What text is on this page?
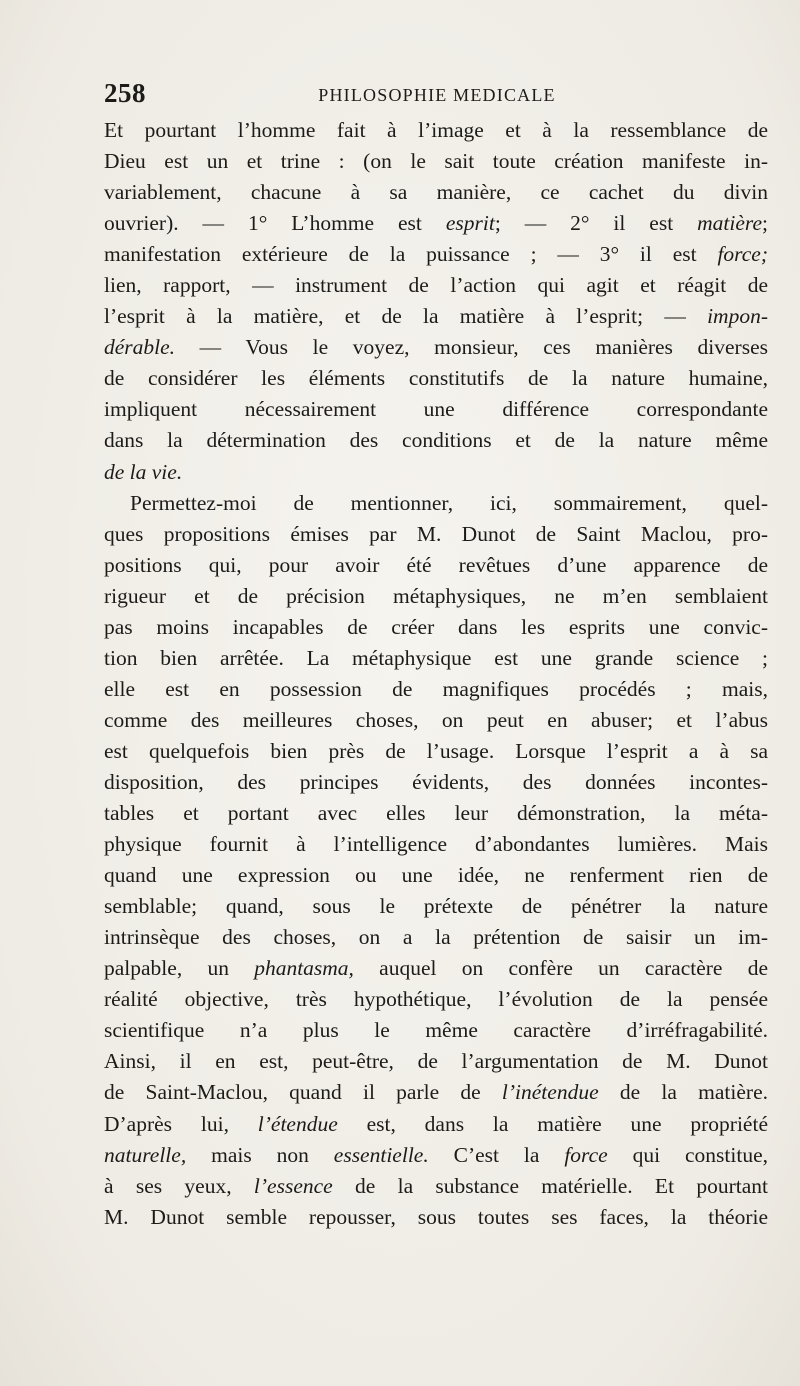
258	PHILOSOPHIE MEDICALE
Et pourtant l’homme fait à l’image et à la ressemblance de
Dieu est un et trine : (on le sait toute création manifeste in-
variablement, chacune à sa manière, ce cachet du divin
ouvrier). — 1° L’homme est esprit; — 2° il est matière;
manifestation extérieure de la puissance ; — 3° il est force;
lien, rapport, — instrument de l’action qui agit et réagit de
l’esprit à la matière, et de la matière à l’esprit; — impon-
dérable. — Vous le voyez, monsieur, ces manières diverses
de considérer les éléments constitutifs de la nature humaine,
impliquent nécessairement une différence correspondante
dans la détermination des conditions et de la nature même
de la vie.
Permettez-moi de mentionner, ici, sommairement, quel-
ques propositions émises par M. Dunot de Saint Maclou, pro-
positions qui, pour avoir été revêtues d’une apparence de
rigueur et de précision métaphysiques, ne m’en semblaient
pas moins incapables de créer dans les esprits une convic-
tion bien arrêtée. La métaphysique est une grande science ;
elle est en possession de magnifiques procédés ; mais,
comme des meilleures choses, on peut en abuser; et l’abus
est quelquefois bien près de l’usage. Lorsque l’esprit a à sa
disposition, des principes évidents, des données incontes-
tables et portant avec elles leur démonstration, la méta-
physique fournit à l’intelligence d’abondantes lumières. Mais
quand une expression ou une idée, ne renferment rien de
semblable; quand, sous le prétexte de pénétrer la nature
intrinsèque des choses, on a la prétention de saisir un im-
palpable, un phantasma, auquel on confère un caractère de
réalité objective, très hypothétique, l’évolution de la pensée
scientifique n’a plus le même caractère d’irréfragabilité.
Ainsi, il en est, peut-être, de l’argumentation de M. Dunot
de Saint-Maclou, quand il parle de l’inétendue de la matière.
D’après lui, l’étendue est, dans la matière une propriété
naturelle, mais non essentielle. C’est la force qui constitue,
à ses yeux, l’essence de la substance matérielle. Et pourtant
M. Dunot semble repousser, sous toutes ses faces, la théorie
